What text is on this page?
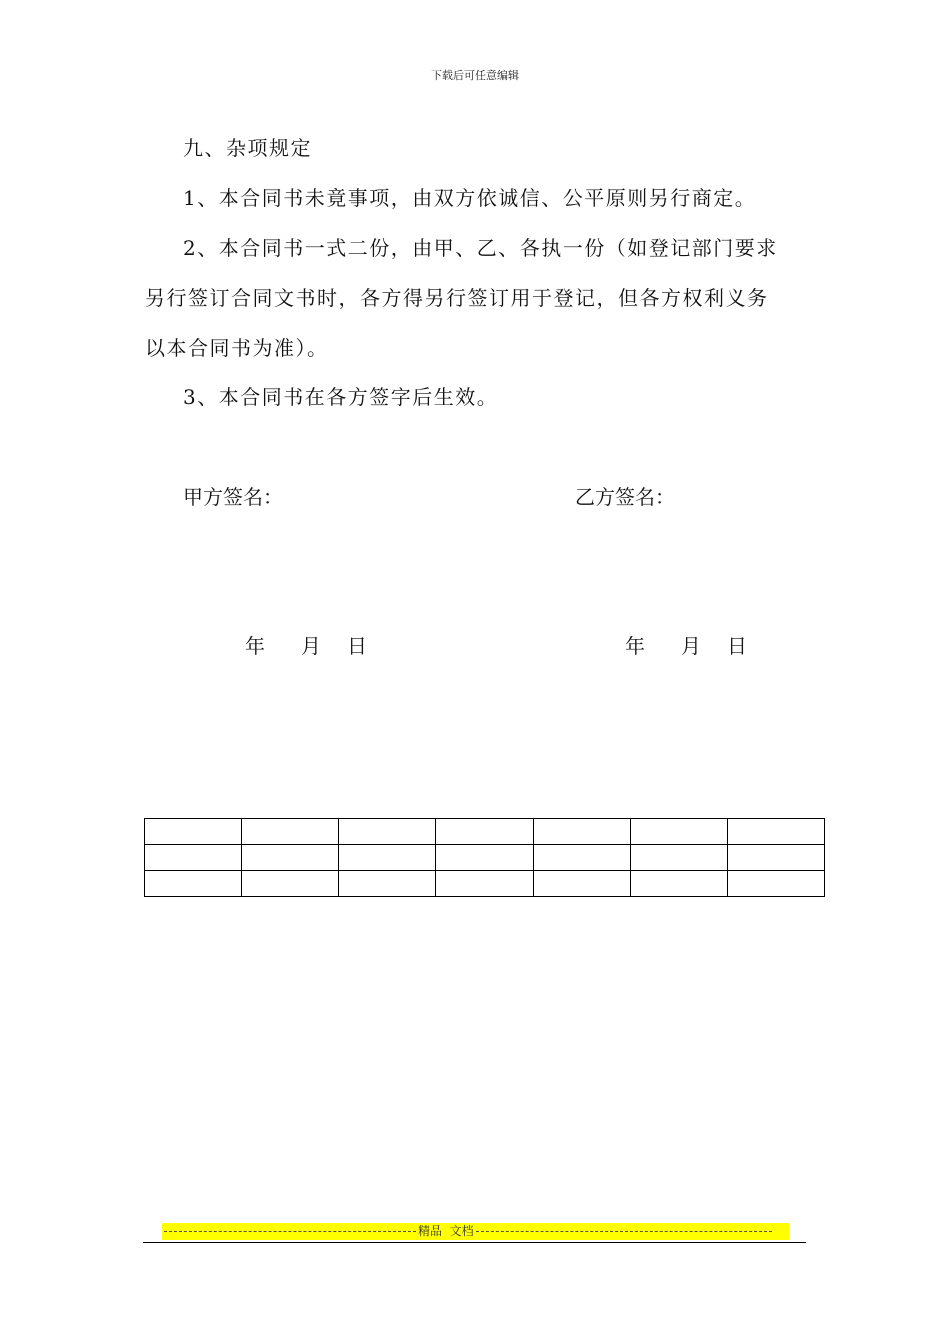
下载后可任意编辑
九、杂项规定
1、本合同书未竟事项，由双方依诚信、公平原则另行商定。
2、本合同书一式二份，由甲、乙、各执一份（如登记部门要求
另行签订合同文书时，各方得另行签订用于登记，但各方权利义务
以本合同书为准）。
3、本合同书在各方签字后生效。
甲方签名：	乙方签名：
年 月 日	年 月 日

精品  文档
